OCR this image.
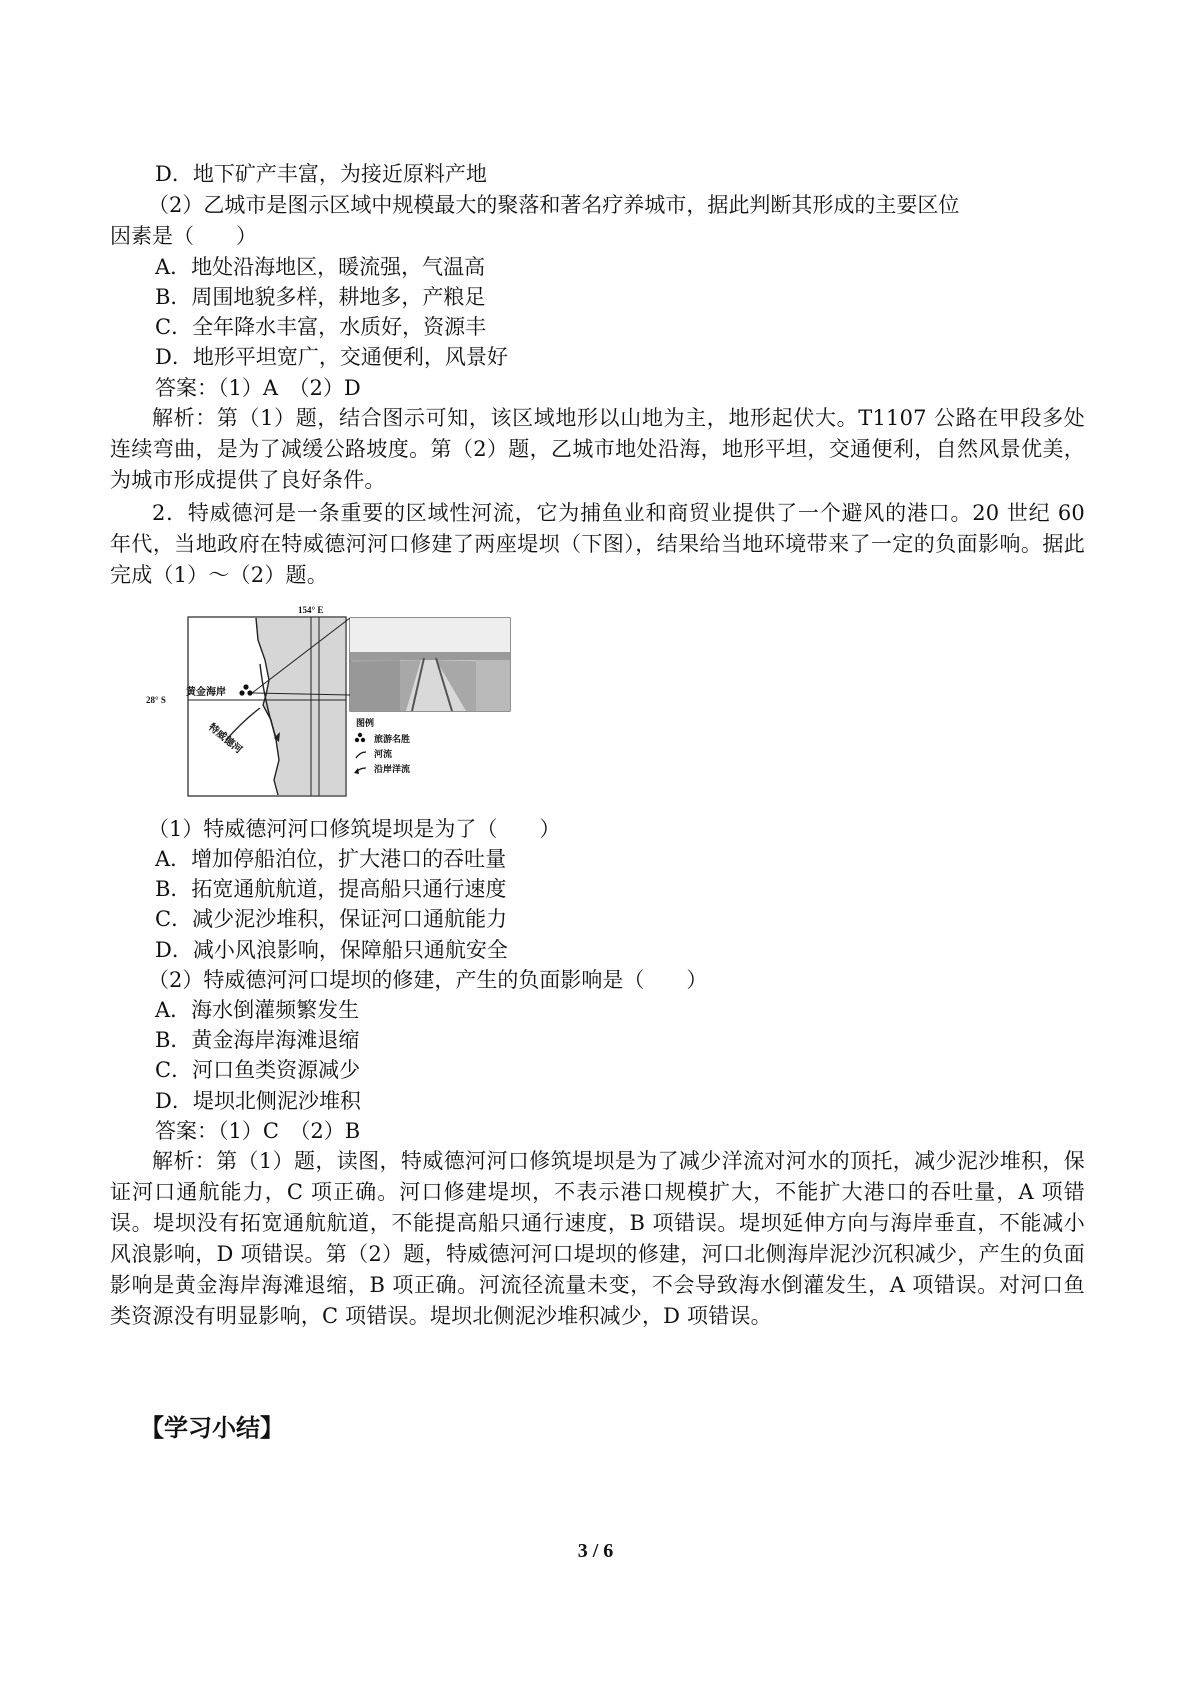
D．地下矿产丰富，为接近原料产地
（2）乙城市是图示区域中规模最大的聚落和著名疗养城市，据此判断其形成的主要区位
因素是（　　）
A．地处沿海地区，暖流强，气温高
B．周围地貌多样，耕地多，产粮足
C．全年降水丰富，水质好，资源丰
D．地形平坦宽广，交通便利，风景好
答案：（1）A　（2）D
解析：第（1）题，结合图示可知，该区域地形以山地为主，地形起伏大。T1107 公路在甲段多处连续弯曲，是为了减缓公路坡度。第（2）题，乙城市地处沿海，地形平坦，交通便利，自然风景优美，为城市形成提供了良好条件。
2．特威德河是一条重要的区域性河流，它为捕鱼业和商贸业提供了一个避风的港口。20 世纪 60 年代，当地政府在特威德河河口修建了两座堤坝（下图），结果给当地环境带来了一定的负面影响。据此完成（1）～（2）题。
154° E
28° S
黄金海岸
特威德河	图例
旅游名胜
河流
沿岸洋流
（1）特威德河河口修筑堤坝是为了（　　）
A．增加停船泊位，扩大港口的吞吐量
B．拓宽通航航道，提高船只通行速度
C．减少泥沙堆积，保证河口通航能力
D．减小风浪影响，保障船只通航安全
（2）特威德河河口堤坝的修建，产生的负面影响是（　　）
A．海水倒灌频繁发生
B．黄金海岸海滩退缩
C．河口鱼类资源减少
D．堤坝北侧泥沙堆积
答案：（1）C　（2）B
解析：第（1）题，读图，特威德河河口修筑堤坝是为了减少洋流对河水的顶托，减少泥沙堆积，保证河口通航能力，C 项正确。河口修建堤坝，不表示港口规模扩大，不能扩大港口的吞吐量，A 项错误。堤坝没有拓宽通航航道，不能提高船只通行速度，B 项错误。堤坝延伸方向与海岸垂直，不能减小风浪影响，D 项错误。第（2）题，特威德河河口堤坝的修建，河口北侧海岸泥沙沉积减少，产生的负面影响是黄金海岸海滩退缩，B 项正确。河流径流量未变，不会导致海水倒灌发生，A 项错误。对河口鱼类资源没有明显影响，C 项错误。堤坝北侧泥沙堆积减少，D 项错误。
【学习小结】
3 / 6
